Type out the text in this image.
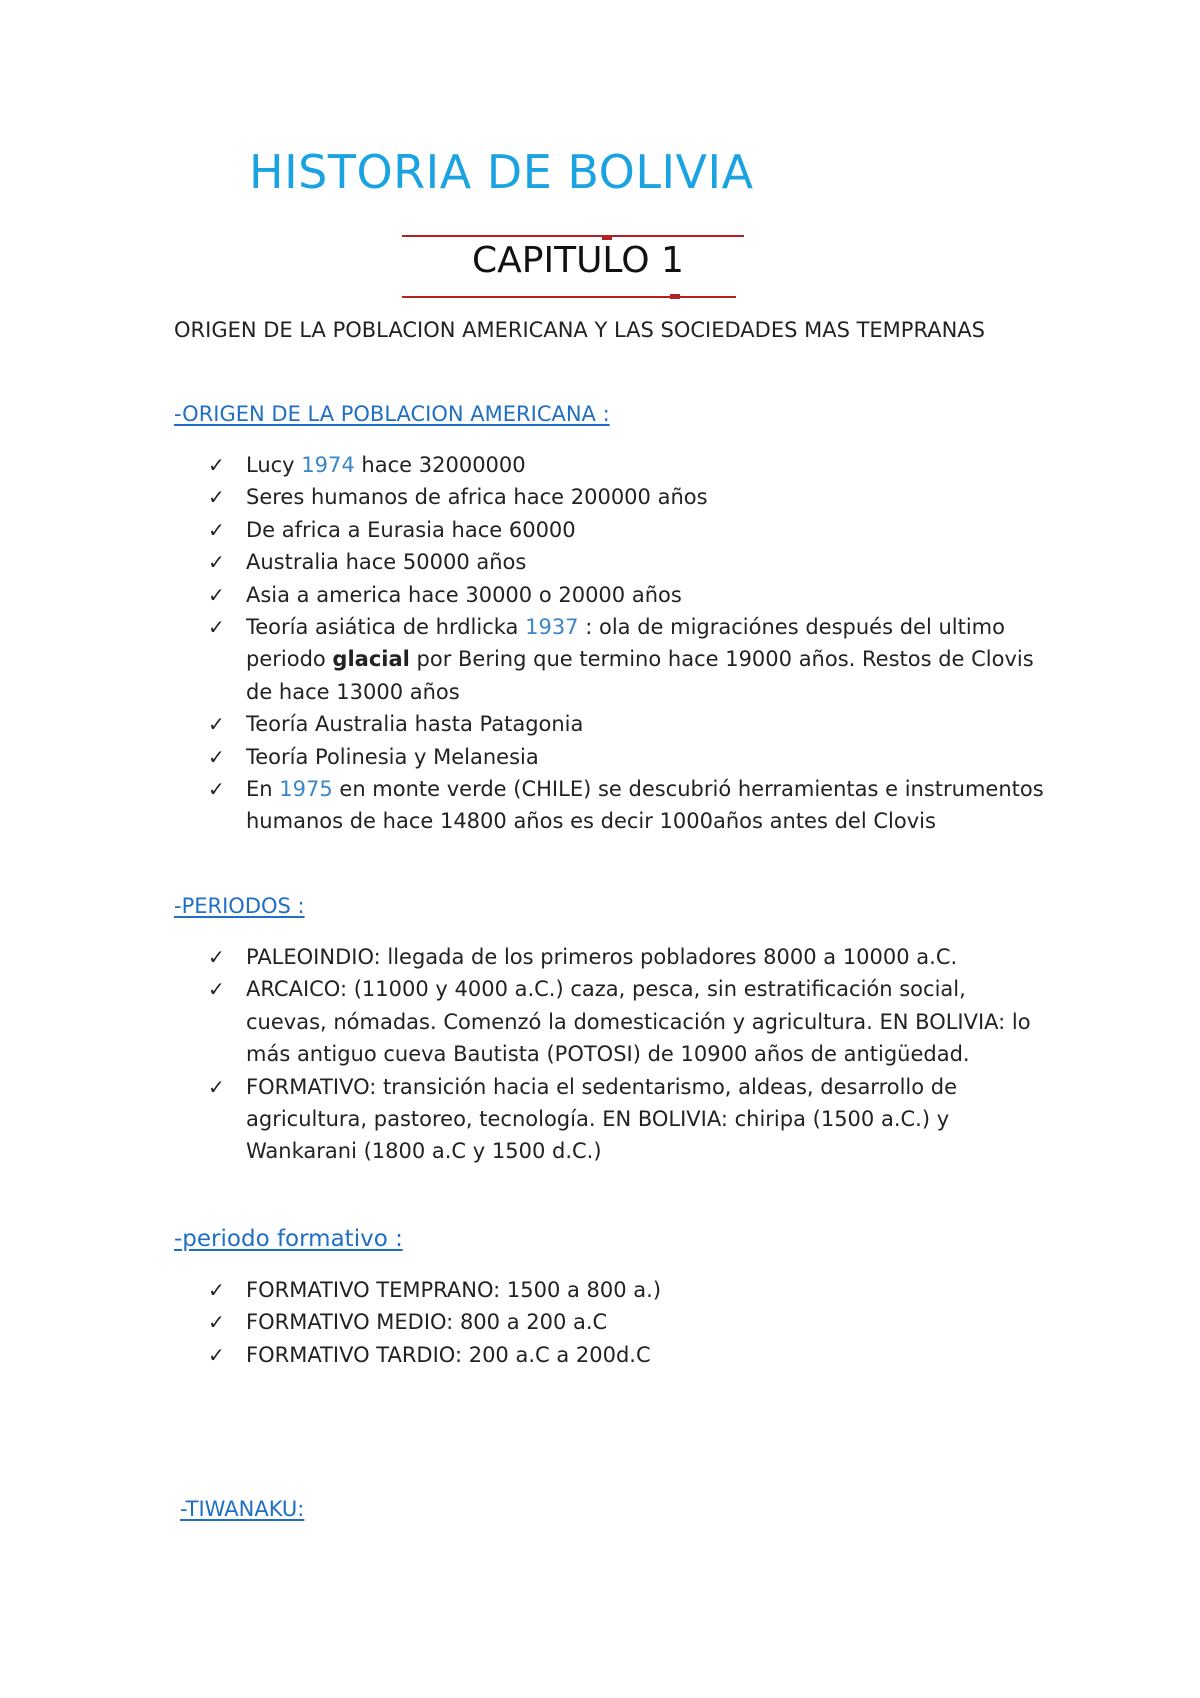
HISTORIA DE BOLIVIA
CAPITULO 1
ORIGEN DE LA POBLACION AMERICANA Y LAS SOCIEDADES MAS TEMPRANAS
-ORIGEN DE LA POBLACION AMERICANA :
✓ Lucy 1974 hace 32000000
✓ Seres humanos de africa hace 200000 años
✓ De africa a Eurasia hace 60000
✓ Australia hace 50000 años
✓ Asia a america hace 30000 o 20000 años
✓ Teoría asiática de hrdlicka 1937 : ola de migraciónes después del ultimo periodo glacial por Bering que termino hace 19000 años. Restos de Clovis de hace 13000 años
✓ Teoría Australia hasta Patagonia
✓ Teoría Polinesia y Melanesia
✓ En 1975 en monte verde (CHILE) se descubrió herramientas e instrumentos humanos de hace 14800 años es decir 1000años antes del Clovis
-PERIODOS :
✓ PALEOINDIO: llegada de los primeros pobladores 8000 a 10000 a.C.
✓ ARCAICO: (11000 y 4000 a.C.) caza, pesca, sin estratificación social, cuevas, nómadas. Comenzó la domesticación y agricultura. EN BOLIVIA: lo más antiguo cueva Bautista (POTOSI) de 10900 años de antigüedad.
✓ FORMATIVO: transición hacia el sedentarismo, aldeas, desarrollo de agricultura, pastoreo, tecnología. EN BOLIVIA: chiripa (1500 a.C.) y Wankarani (1800 a.C y 1500 d.C.)
-periodo formativo :
✓ FORMATIVO TEMPRANO: 1500 a 800 a.)
✓ FORMATIVO MEDIO: 800 a 200 a.C
✓ FORMATIVO TARDIO: 200 a.C a 200d.C
-TIWANAKU:
